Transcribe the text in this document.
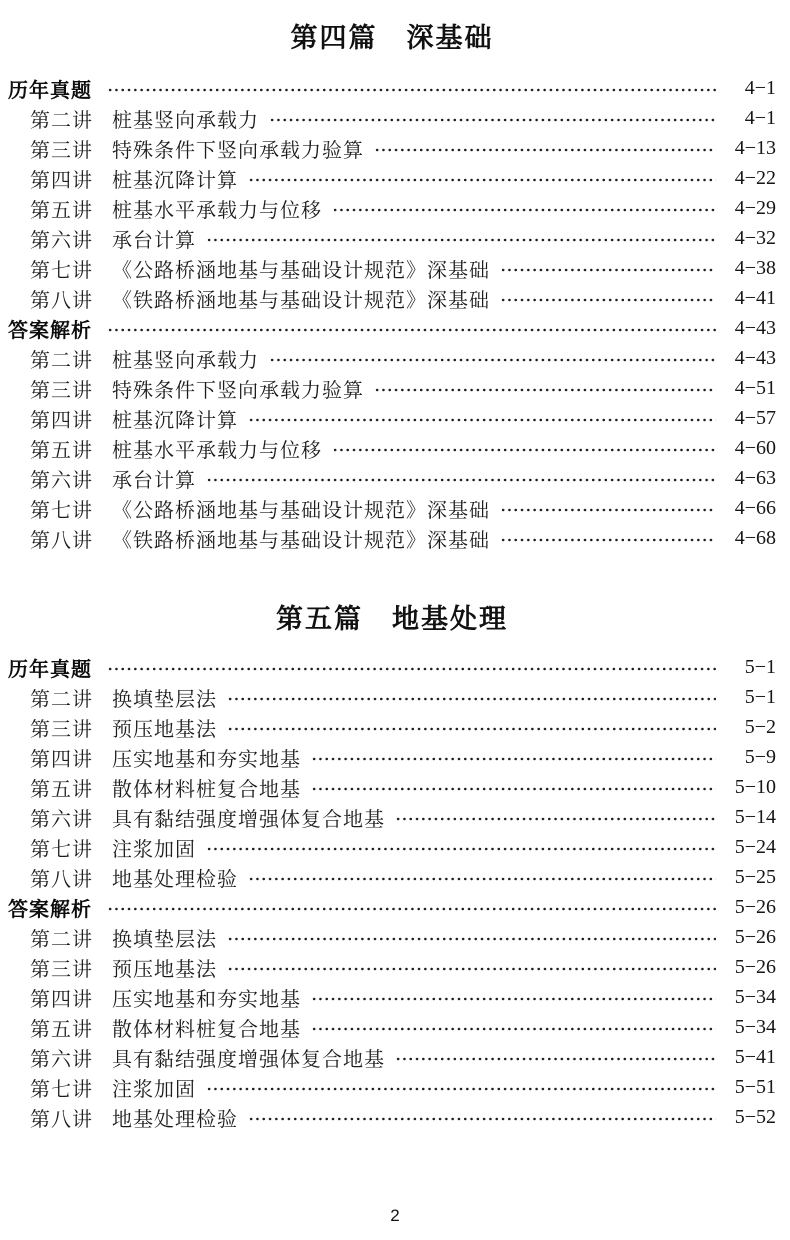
第四篇　深基础
历年真题	4−1
第二讲 桩基竖向承载力	4−1
第三讲 特殊条件下竖向承载力验算	4−13
第四讲 桩基沉降计算	4−22
第五讲 桩基水平承载力与位移	4−29
第六讲 承台计算	4−32
第七讲 《公路桥涵地基与基础设计规范》深基础	4−38
第八讲 《铁路桥涵地基与基础设计规范》深基础	4−41
答案解析	4−43
第二讲 桩基竖向承载力	4−43
第三讲 特殊条件下竖向承载力验算	4−51
第四讲 桩基沉降计算	4−57
第五讲 桩基水平承载力与位移	4−60
第六讲 承台计算	4−63
第七讲 《公路桥涵地基与基础设计规范》深基础	4−66
第八讲 《铁路桥涵地基与基础设计规范》深基础	4−68
第五篇　地基处理
历年真题	5−1
第二讲 换填垫层法	5−1
第三讲 预压地基法	5−2
第四讲 压实地基和夯实地基	5−9
第五讲 散体材料桩复合地基	5−10
第六讲 具有黏结强度增强体复合地基	5−14
第七讲 注浆加固	5−24
第八讲 地基处理检验	5−25
答案解析	5−26
第二讲 换填垫层法	5−26
第三讲 预压地基法	5−26
第四讲 压实地基和夯实地基	5−34
第五讲 散体材料桩复合地基	5−34
第六讲 具有黏结强度增强体复合地基	5−41
第七讲 注浆加固	5−51
第八讲 地基处理检验	5−52
2
